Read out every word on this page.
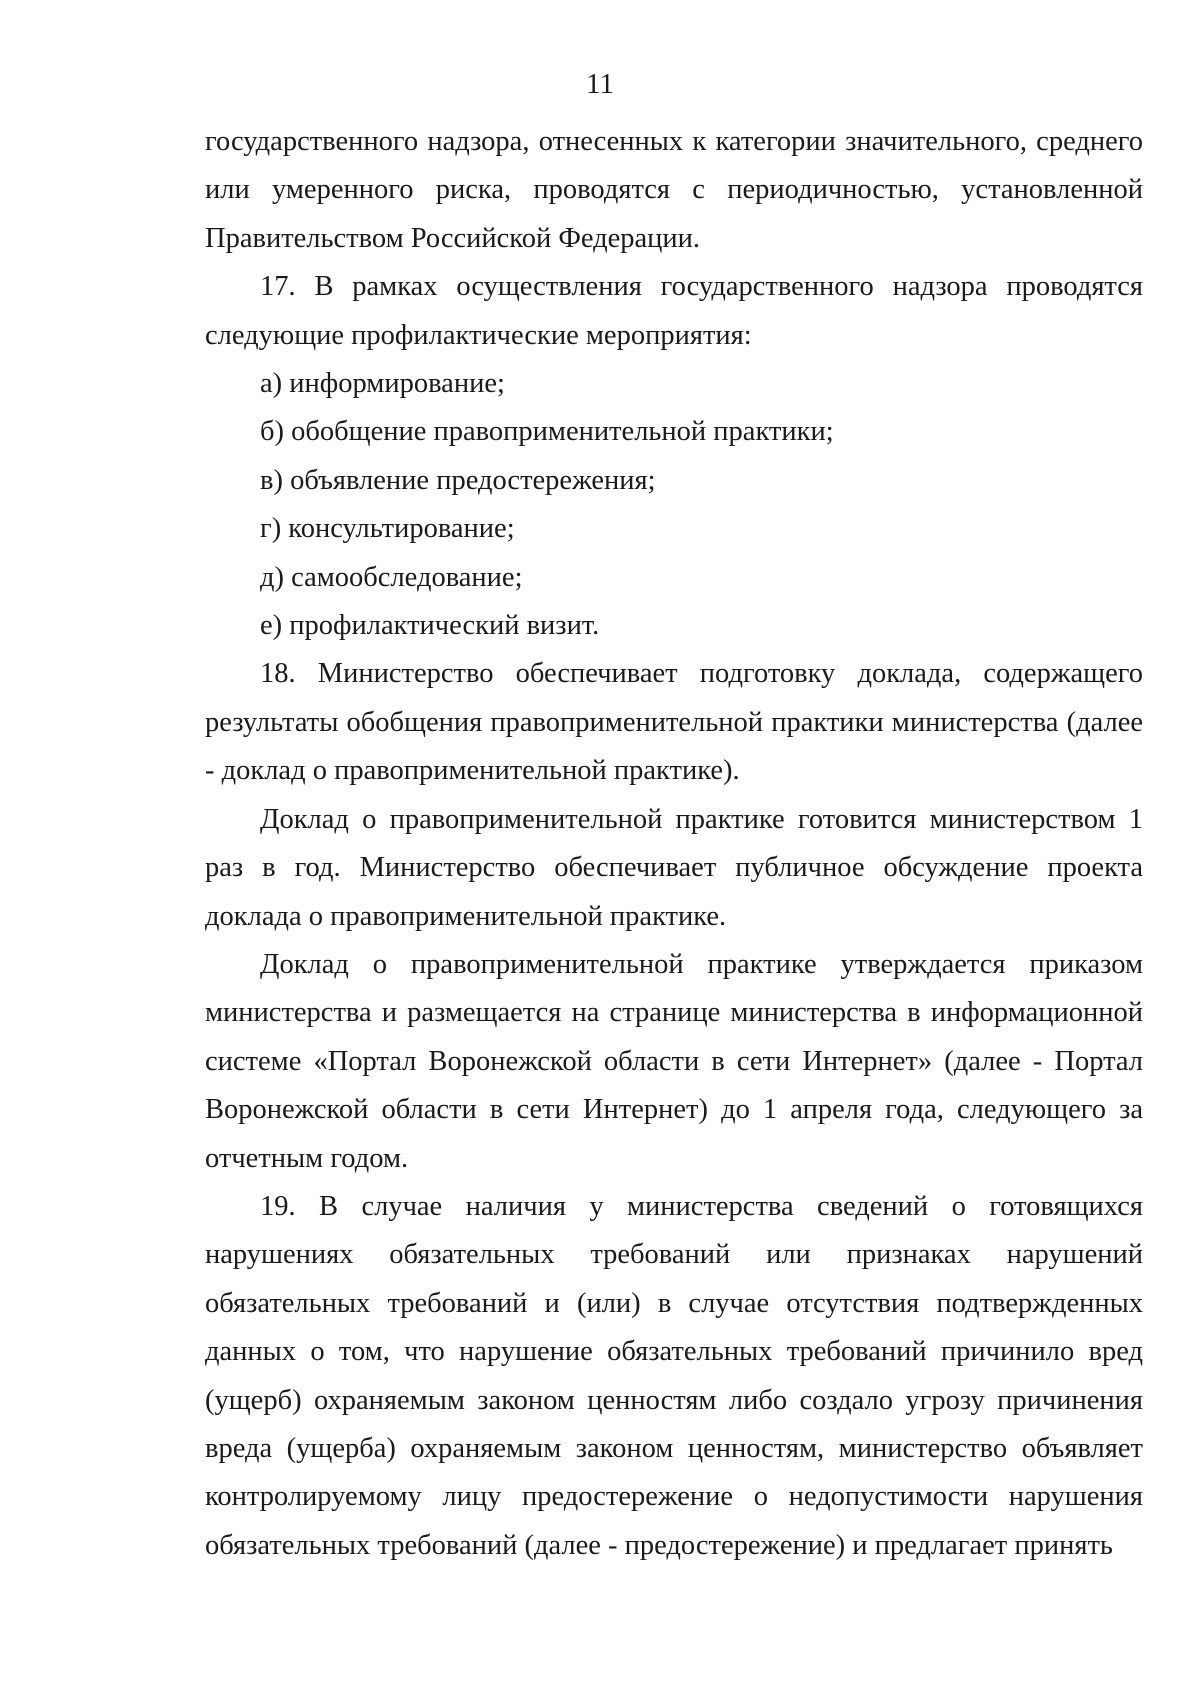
11

государственного надзора, отнесенных к категории значительного, среднего или умеренного риска, проводятся с периодичностью, установленной Правительством Российской Федерации.

17. В рамках осуществления государственного надзора проводятся следующие профилактические мероприятия:

а) информирование;

б) обобщение правоприменительной практики;

в) объявление предостережения;

г) консультирование;

д) самообследование;

е) профилактический визит.

18. Министерство обеспечивает подготовку доклада, содержащего результаты обобщения правоприменительной практики министерства (далее - доклад о правоприменительной практике).

Доклад о правоприменительной практике готовится министерством 1 раз в год. Министерство обеспечивает публичное обсуждение проекта доклада о правоприменительной практике.

Доклад о правоприменительной практике утверждается приказом министерства и размещается на странице министерства в информационной системе «Портал Воронежской области в сети Интернет» (далее - Портал Воронежской области в сети Интернет) до 1 апреля года, следующего за отчетным годом.

19. В случае наличия у министерства сведений о готовящихся нарушениях обязательных требований или признаках нарушений обязательных требований и (или) в случае отсутствия подтвержденных данных о том, что нарушение обязательных требований причинило вред (ущерб) охраняемым законом ценностям либо создало угрозу причинения вреда (ущерба) охраняемым законом ценностям, министерство объявляет контролируемому лицу предостережение о недопустимости нарушения обязательных требований (далее - предостережение) и предлагает принять
